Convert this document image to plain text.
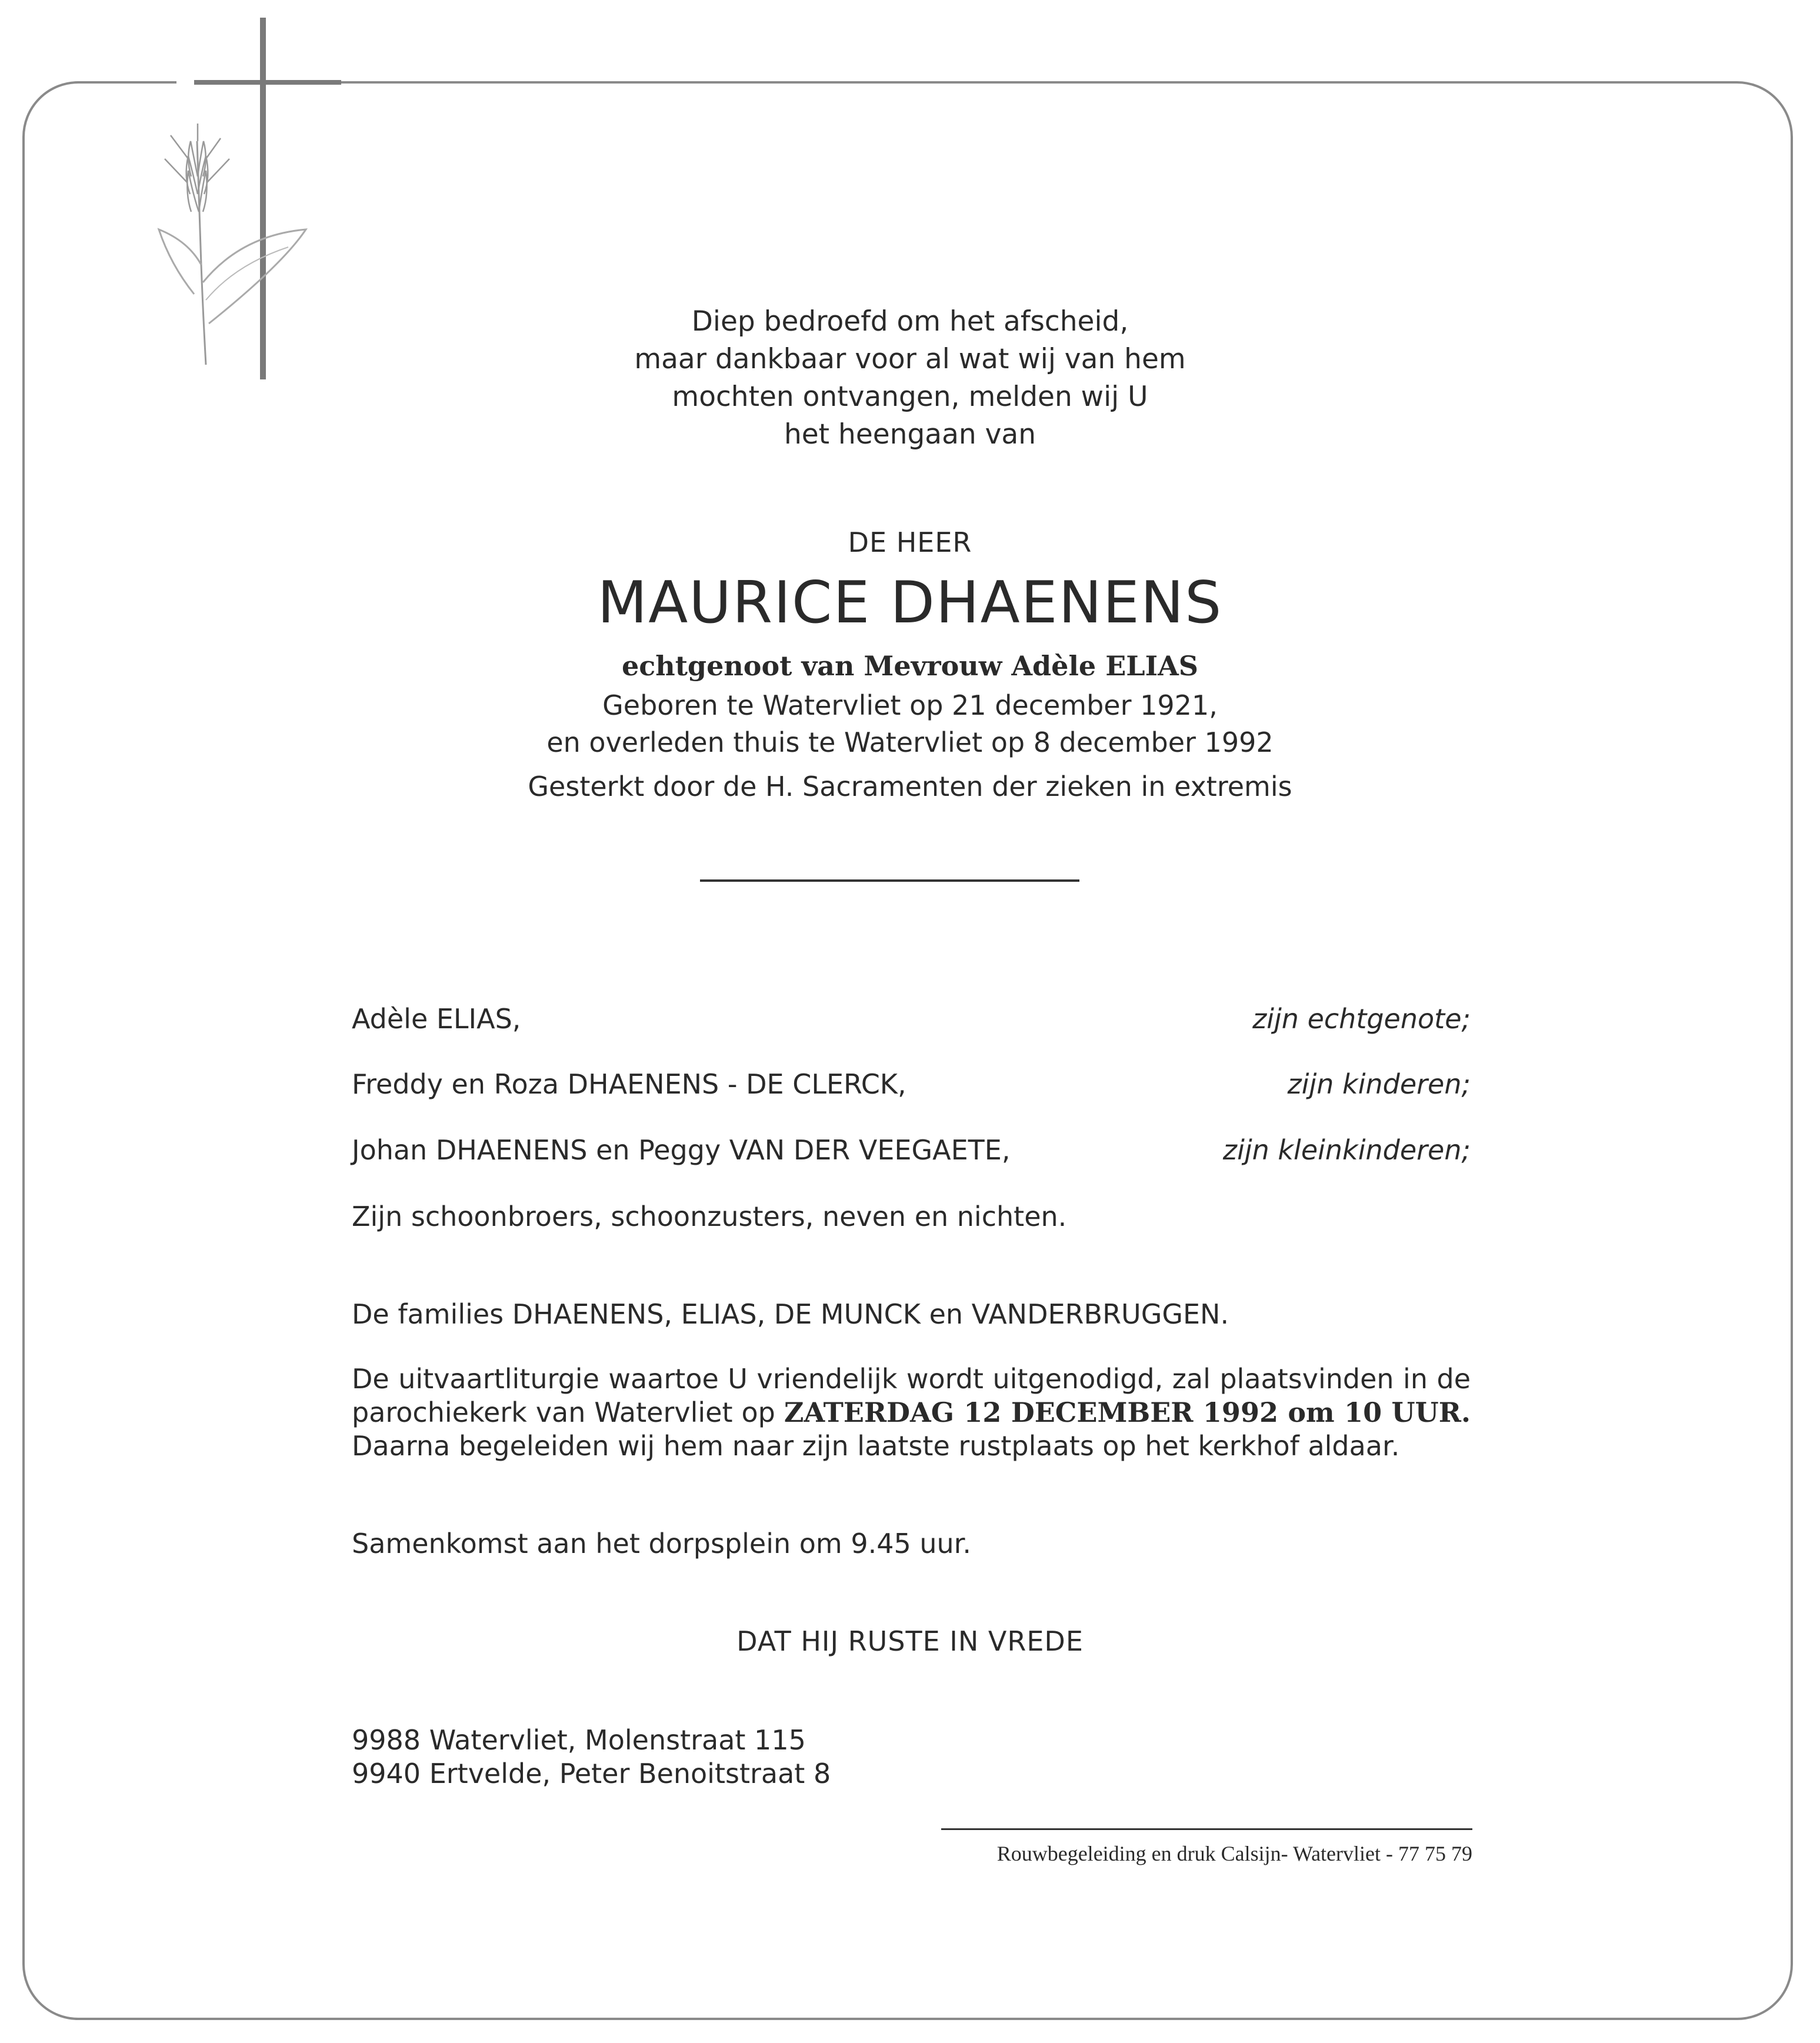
Diep bedroefd om het afscheid,
maar dankbaar voor al wat wij van hem
mochten ontvangen, melden wij U
het heengaan van
DE HEER
MAURICE DHAENENS
echtgenoot van Mevrouw Adèle ELIAS
Geboren te Watervliet op 21 december 1921,
en overleden thuis te Watervliet op 8 december 1992
Gesterkt door de H. Sacramenten der zieken in extremis
Adèle ELIAS,	zijn echtgenote;
Freddy en Roza DHAENENS - DE CLERCK,	zijn kinderen;
Johan DHAENENS en Peggy VAN DER VEEGAETE,	zijn kleinkinderen;
Zijn schoonbroers, schoonzusters, neven en nichten.
De families DHAENENS, ELIAS, DE MUNCK en VANDERBRUGGEN.
De uitvaartliturgie waartoe U vriendelijk wordt uitgenodigd, zal plaatsvinden in de parochiekerk van Watervliet op ZATERDAG 12 DECEMBER 1992 om 10 UUR. Daarna begeleiden wij hem naar zijn laatste rustplaats op het kerkhof aldaar.
Samenkomst aan het dorpsplein om 9.45 uur.
DAT HIJ RUSTE IN VREDE
9988 Watervliet, Molenstraat 115
9940 Ertvelde, Peter Benoitstraat 8
Rouwbegeleiding en druk Calsijn- Watervliet - 77 75 79
